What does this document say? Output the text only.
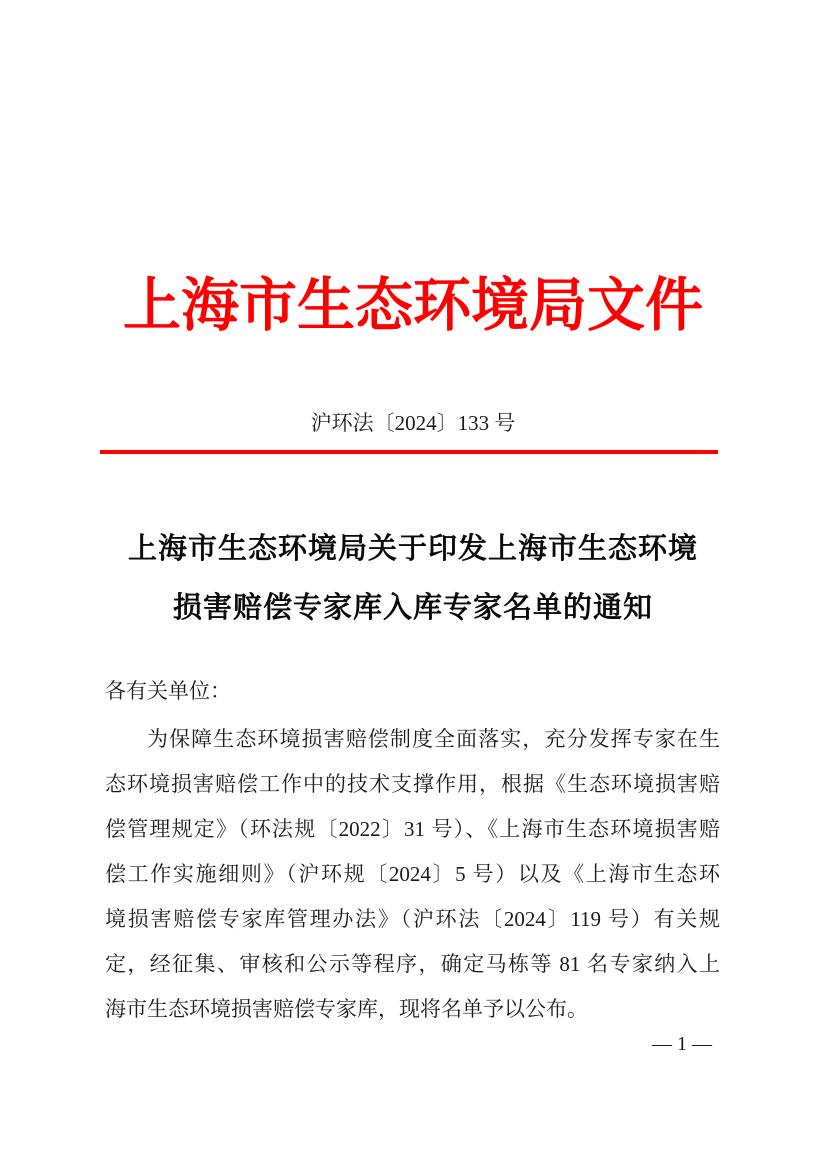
上海市生态环境局文件
沪环法〔2024〕133 号
上海市生态环境局关于印发上海市生态环境
损害赔偿专家库入库专家名单的通知
各有关单位：
为保障生态环境损害赔偿制度全面落实，充分发挥专家在生
态环境损害赔偿工作中的技术支撑作用，根据《生态环境损害赔
偿管理规定》（环法规〔2022〕31 号）、《上海市生态环境损害赔
偿工作实施细则》（沪环规〔2024〕5 号）以及《上海市生态环
境损害赔偿专家库管理办法》（沪环法〔2024〕119 号）有关规
定，经征集、审核和公示等程序，确定马栋等 81 名专家纳入上
海市生态环境损害赔偿专家库，现将名单予以公布。
— 1 —
